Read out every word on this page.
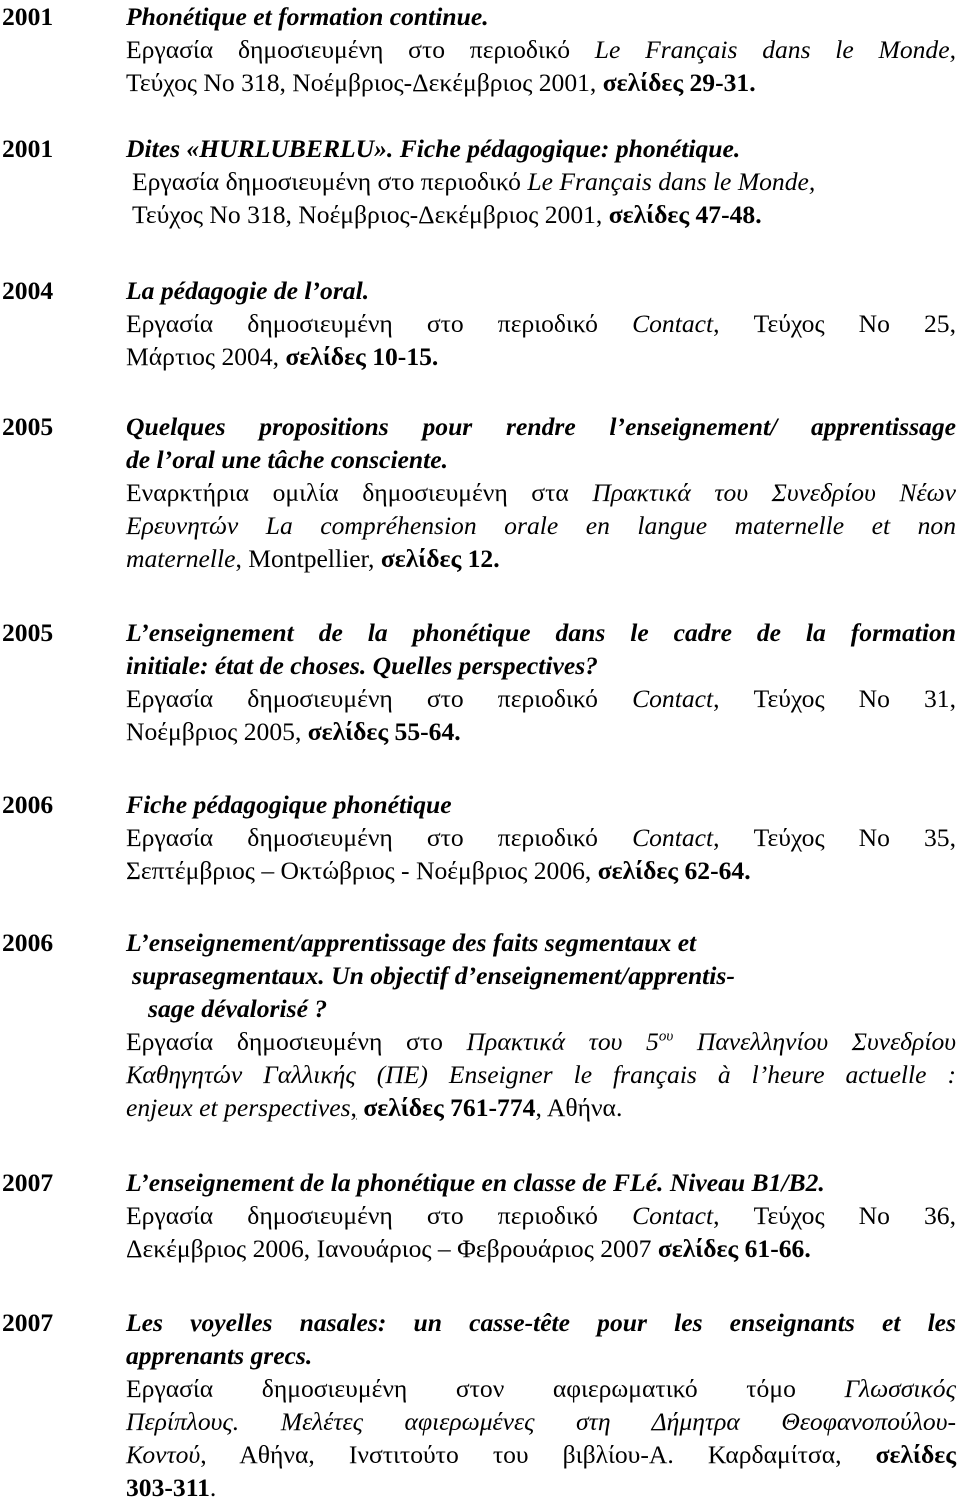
2001	Phonétique et formation continue.
Εργασία δημοσιευμένη στο περιοδικό Le Français dans le Monde,
Τεύχος No 318, Νοέμβριος-Δεκέμβριος 2001, σελίδες 29-31.
2001	Dites «HURLUBERLU». Fiche pédagogique: phonétique.
Εργασία δημοσιευμένη στο περιοδικό Le Français dans le Monde,
Τεύχος No 318, Νοέμβριος-Δεκέμβριος 2001, σελίδες 47-48.
2004	La pédagogie de l’oral.
Εργασία δημοσιευμένη στο περιοδικό Contact, Τεύχος No 25,
Μάρτιος 2004, σελίδες 10-15.
2005	Quelques propositions pour rendre l’enseignement/ apprentissage
de l’oral une tâche consciente.
Εναρκτήρια ομιλία δημοσιευμένη στα Πρακτικά του Συνεδρίου Νέων
Ερευνητών La compréhension orale en langue maternelle et non
maternelle, Montpellier, σελίδες 12.
2005	L’enseignement de la phonétique dans le cadre de la formation
initiale: état de choses. Quelles perspectives?
Εργασία δημοσιευμένη στο περιοδικό Contact, Τεύχος No 31,
Νοέμβριος 2005, σελίδες 55-64.
2006	Fiche pédagogique phonétique
Εργασία δημοσιευμένη στο περιοδικό Contact, Τεύχος No 35,
Σεπτέμβριος – Οκτώβριος - Νοέμβριος 2006, σελίδες 62-64.
2006	L’enseignement/apprentissage des faits segmentaux et
suprasegmentaux. Un objectif d’enseignement/apprentis-
sage dévalorisé ?
Εργασία δημοσιευμένη στο Πρακτικά του $5^{o\upsilon}$ Πανελληνίου Συνεδρίου
Καθηγητών Γαλλικής (ΠΕ) Enseigner le français à l’heure actuelle :
enjeux et perspectives, σελίδες 761-774, Αθήνα.
2007	L’enseignement de la phonétique en classe de FLé. Niveau B1/B2.
Εργασία δημοσιευμένη στο περιοδικό Contact, Τεύχος No 36,
Δεκέμβριος 2006, Ιανουάριος – Φεβρουάριος 2007 σελίδες 61-66.
2007	Les voyelles nasales: un casse-tête pour les enseignants et les
apprenants grecs.
Εργασία δημοσιευμένη στον αφιερωματικό τόμο Γλωσσικός
Περίπλους. Μελέτες αφιερωμένες στη Δήμητρα Θεοφανοπούλου-
Κοντού, Αθήνα, Ινστιτούτο του βιβλίου-Α. Καρδαμίτσα, σελίδες
303-311.
